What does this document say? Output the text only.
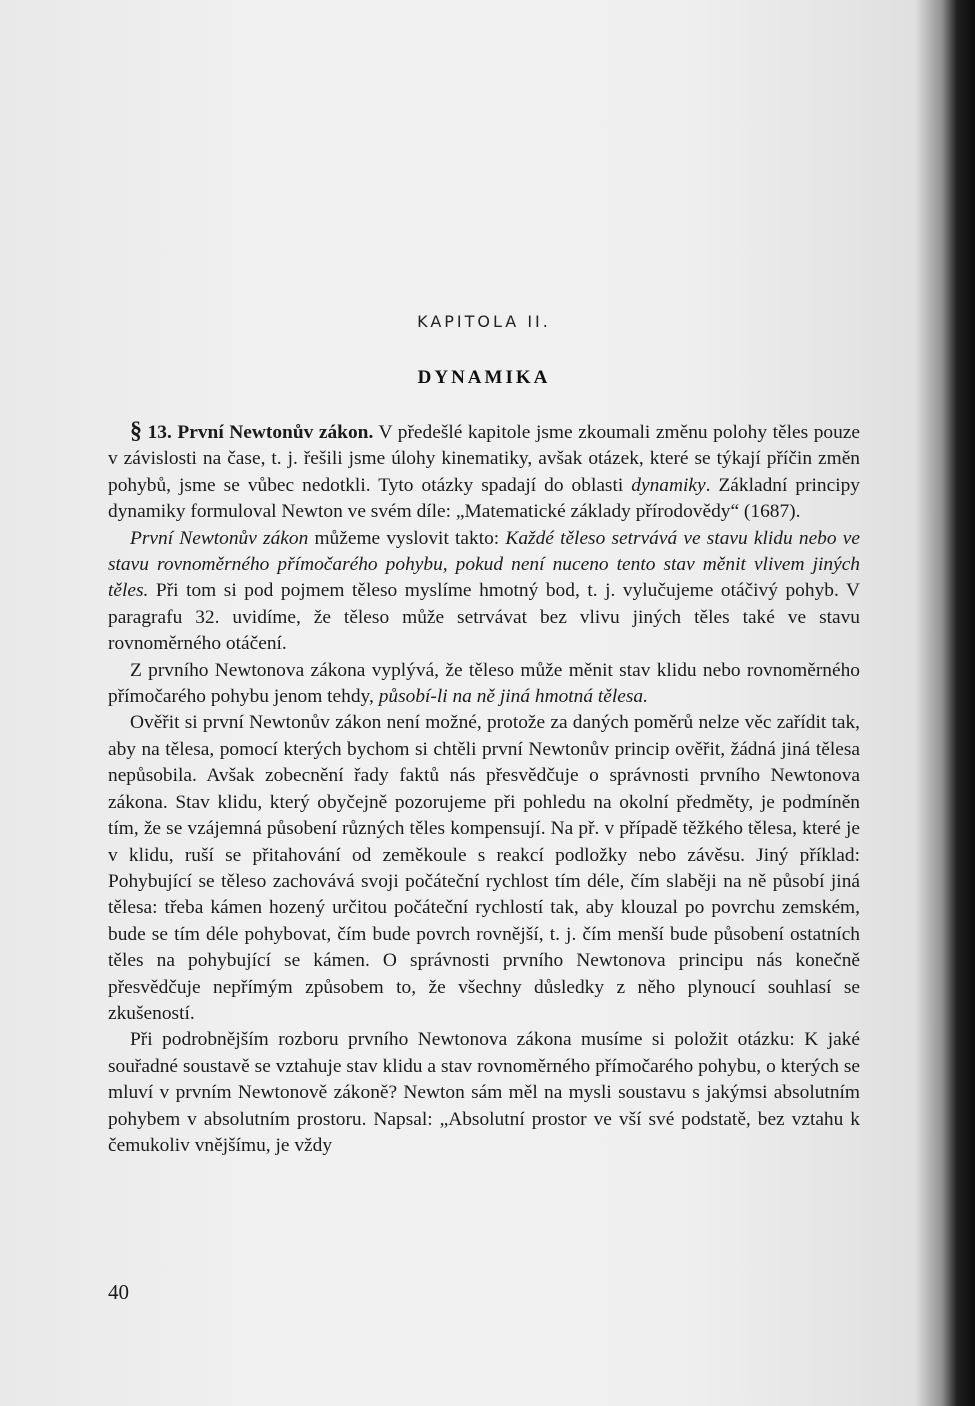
KAPITOLA II.
DYNAMIKA

§ 13. První Newtonův zákon. V předešlé kapitole jsme zkoumali změnu polohy těles pouze v závislosti na čase, t. j. řešili jsme úlohy kinematiky, avšak otázek, které se týkají příčin změn pohybů, jsme se vůbec nedotkli. Tyto otázky spadají do oblasti dynamiky. Základní principy dynamiky formuloval Newton ve svém díle: „Matematické základy přírodovědy“ (1687).

První Newtonův zákon můžeme vyslovit takto: Každé těleso setrvává ve stavu klidu nebo ve stavu rovnoměrného přímočarého pohybu, pokud není nuceno tento stav měnit vlivem jiných těles. Při tom si pod pojmem těleso myslíme hmotný bod, t. j. vylučujeme otáčivý pohyb. V paragrafu 32. uvidíme, že těleso může setrvávat bez vlivu jiných těles také ve stavu rovnoměrného otáčení.

Z prvního Newtonova zákona vyplývá, že těleso může měnit stav klidu nebo rovnoměrného přímočarého pohybu jenom tehdy, působí-li na ně jiná hmotná tělesa.

Ověřit si první Newtonův zákon není možné, protože za daných poměrů nelze věc zařídit tak, aby na tělesa, pomocí kterých bychom si chtěli první Newtonův princip ověřit, žádná jiná tělesa nepůsobila. Avšak zobecnění řady faktů nás přesvědčuje o správnosti prvního Newtonova zákona. Stav klidu, který obyčejně pozorujeme při pohledu na okolní předměty, je podmíněn tím, že se vzájemná působení různých těles kompensují. Na př. v případě těžkého tělesa, které je v klidu, ruší se přitahování od zeměkoule s reakcí podložky nebo závěsu. Jiný příklad: Pohybující se těleso zachovává svoji počáteční rychlost tím déle, čím slaběji na ně působí jiná tělesa: třeba kámen hozený určitou počáteční rychlostí tak, aby klouzal po povrchu zemském, bude se tím déle pohybovat, čím bude povrch rovnější, t. j. čím menší bude působení ostatních těles na pohybující se kámen. O správnosti prvního Newtonova principu nás konečně přesvědčuje nepřímým způsobem to, že všechny důsledky z něho plynoucí souhlasí se zkušeností.

Při podrobnějším rozboru prvního Newtonova zákona musíme si položit otázku: K jaké souřadné soustavě se vztahuje stav klidu a stav rovnoměrného přímočarého pohybu, o kterých se mluví v prvním Newtonově zákoně? Newton sám měl na mysli soustavu s jakýmsi absolutním pohybem v absolutním prostoru. Napsal: „Absolutní prostor ve vší své podstatě, bez vztahu k čemukoliv vnějšímu, je vždy

40
